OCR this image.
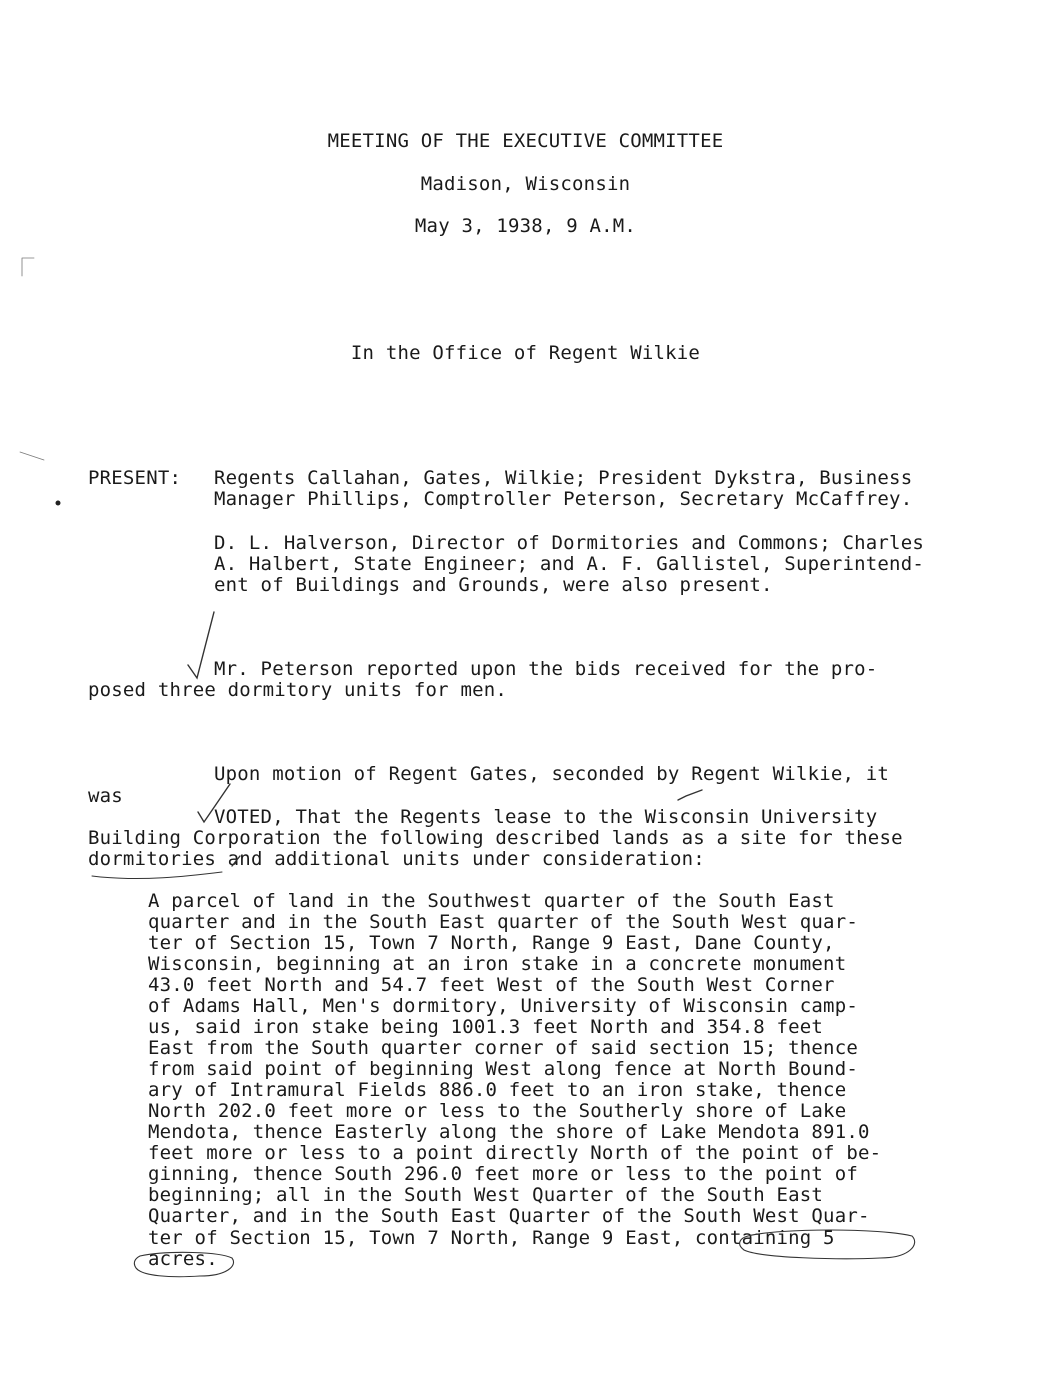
MEETING OF THE EXECUTIVE COMMITTEE
Madison, Wisconsin
May 3, 1938, 9 A.M.
In the Office of Regent Wilkie
PRESENT: Regents Callahan, Gates, Wilkie; President Dykstra, Business
Manager Phillips, Comptroller Peterson, Secretary McCaffrey.
D. L. Halverson, Director of Dormitories and Commons; Charles
A. Halbert, State Engineer; and A. F. Gallistel, Superintend-
ent of Buildings and Grounds, were also present.
Mr. Peterson reported upon the bids received for the pro-
posed three dormitory units for men.
Upon motion of Regent Gates, seconded by Regent Wilkie, it
was
VOTED, That the Regents lease to the Wisconsin University
Building Corporation the following described lands as a site for these
dormitories and additional units under consideration:
A parcel of land in the Southwest quarter of the South East
quarter and in the South East quarter of the South West quar-
ter of Section 15, Town 7 North, Range 9 East, Dane County,
Wisconsin, beginning at an iron stake in a concrete monument
43.0 feet North and 54.7 feet West of the South West Corner
of Adams Hall, Men's dormitory, University of Wisconsin camp-
us, said iron stake being 1001.3 feet North and 354.8 feet
East from the South quarter corner of said section 15; thence
from said point of beginning West along fence at North Bound-
ary of Intramural Fields 886.0 feet to an iron stake, thence
North 202.0 feet more or less to the Southerly shore of Lake
Mendota, thence Easterly along the shore of Lake Mendota 891.0
feet more or less to a point directly North of the point of be-
ginning, thence South 296.0 feet more or less to the point of
beginning; all in the South West Quarter of the South East
Quarter, and in the South East Quarter of the South West Quar-
ter of Section 15, Town 7 North, Range 9 East, containing 5
acres.
